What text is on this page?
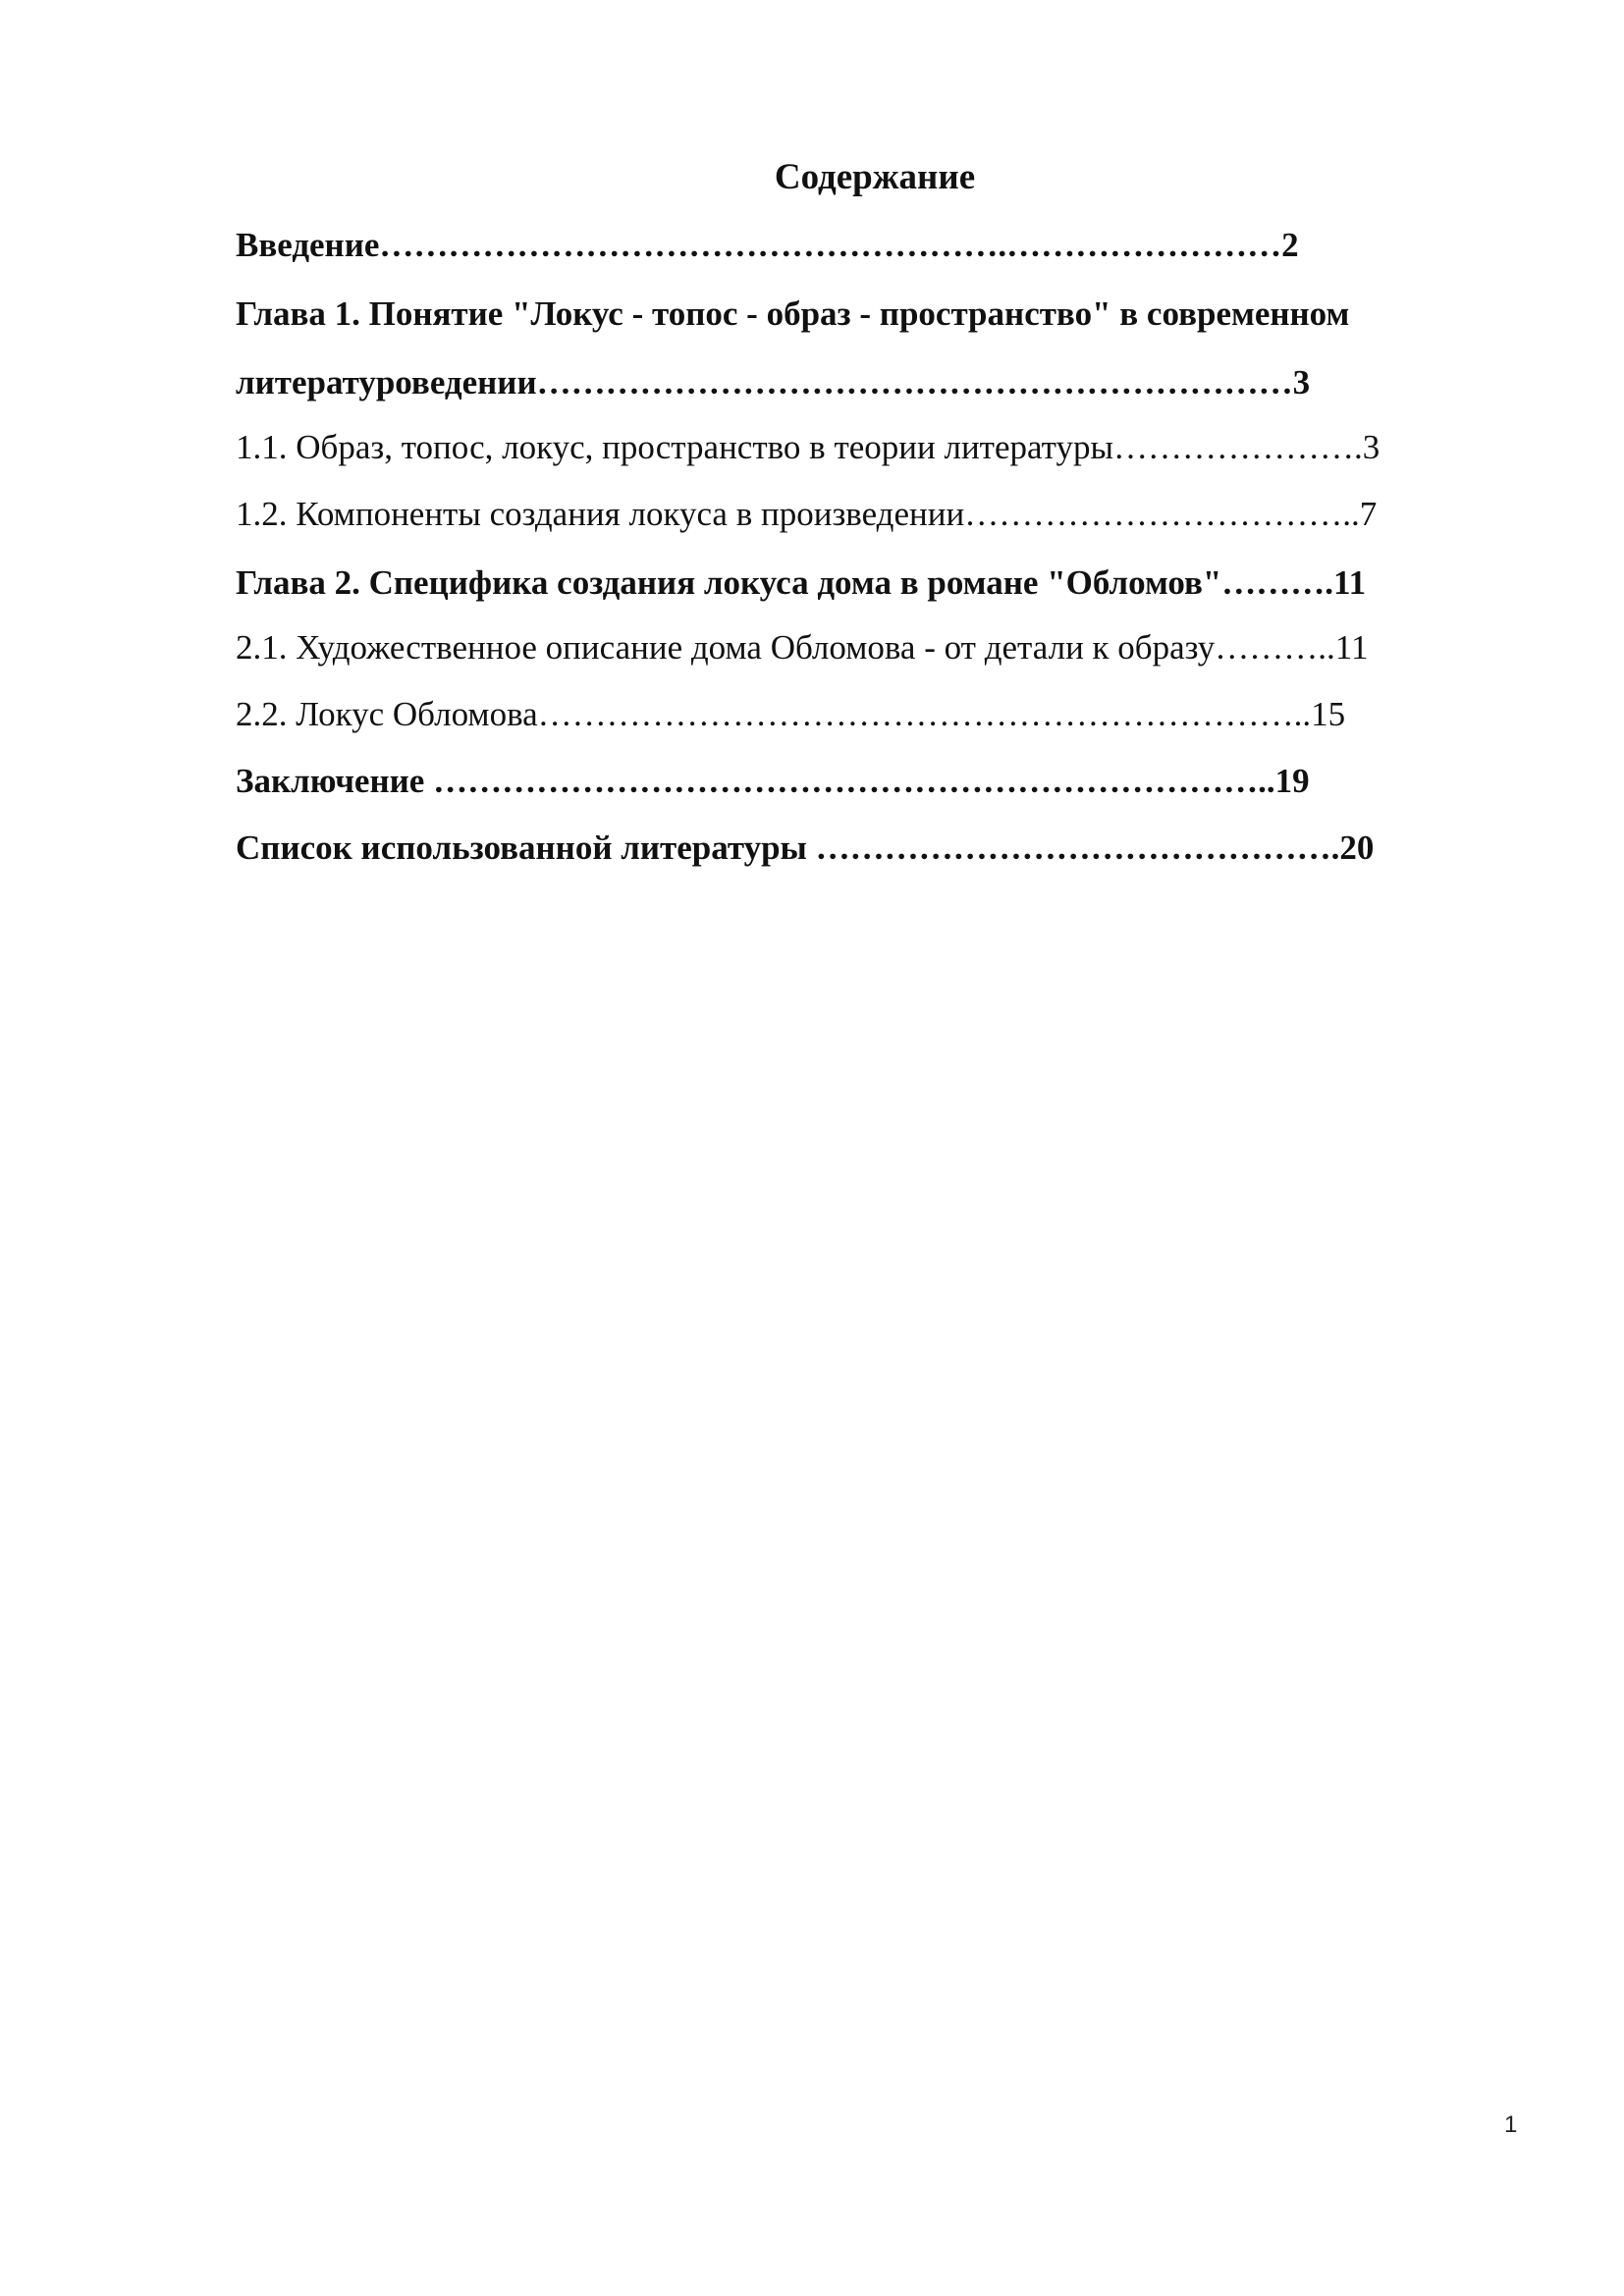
Содержание
Введение……………………………………………….……………………2
Глава 1. Понятие "Локус - топос - образ - пространство" в современном
литературоведении…………………………………………………………3
1.1. Образ, топос, локус, пространство в теории литературы………………….3
1.2. Компоненты создания локуса в произведении……………………………..7
Глава 2. Специфика создания локуса дома в романе "Обломов"……….11
2.1. Художественное описание дома Обломова - от детали к образу………..11
2.2. Локус Обломова…………………………………………………………..15
Заключение ………………………………………………………………..19
Список использованной литературы ……………………………………….20
1
